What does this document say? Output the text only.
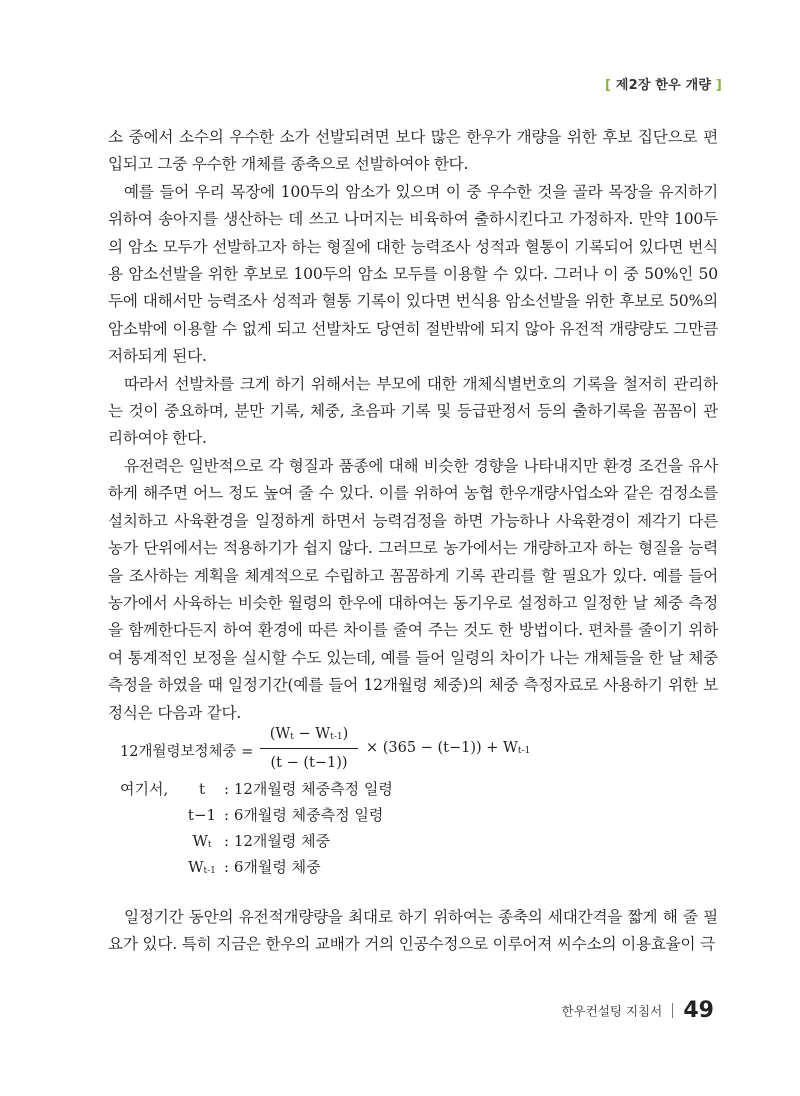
[ 제2장 한우 개량 ]

소 중에서 소수의 우수한 소가 선발되려면 보다 많은 한우가 개량을 위한 후보 집단으로 편입되고 그중 우수한 개체를 종축으로 선발하여야 한다.

예를 들어 우리 목장에 100두의 암소가 있으며 이 중 우수한 것을 골라 목장을 유지하기 위하여 송아지를 생산하는 데 쓰고 나머지는 비육하여 출하시킨다고 가정하자. 만약 100두의 암소 모두가 선발하고자 하는 형질에 대한 능력조사 성적과 혈통이 기록되어 있다면 번식용 암소선발을 위한 후보로 100두의 암소 모두를 이용할 수 있다. 그러나 이 중 50%인 50두에 대해서만 능력조사 성적과 혈통 기록이 있다면 번식용 암소선발을 위한 후보로 50%의 암소밖에 이용할 수 없게 되고 선발차도 당연히 절반밖에 되지 않아 유전적 개량량도 그만큼 저하되게 된다.

따라서 선발차를 크게 하기 위해서는 부모에 대한 개체식별번호의 기록을 철저히 관리하는 것이 중요하며, 분만 기록, 체중, 초음파 기록 및 등급판정서 등의 출하기록을 꼼꼼이 관리하여야 한다.

유전력은 일반적으로 각 형질과 품종에 대해 비슷한 경향을 나타내지만 환경 조건을 유사하게 해주면 어느 정도 높여 줄 수 있다. 이를 위하여 농협 한우개량사업소와 같은 검정소를 설치하고 사육환경을 일정하게 하면서 능력검정을 하면 가능하나 사육환경이 제각기 다른 농가 단위에서는 적용하기가 쉽지 않다. 그러므로 농가에서는 개량하고자 하는 형질을 능력을 조사하는 계획을 체계적으로 수립하고 꼼꼼하게 기록 관리를 할 필요가 있다. 예를 들어 농가에서 사육하는 비슷한 월령의 한우에 대하여는 동기우로 설정하고 일정한 날 체중 측정을 함께한다든지 하여 환경에 따른 차이를 줄여 주는 것도 한 방법이다. 편차를 줄이기 위하여 통계적인 보정을 실시할 수도 있는데, 예를 들어 일령의 차이가 나는 개체들을 한 날 체중 측정을 하였을 때 일정기간(예를 들어 12개월령 체중)의 체중 측정자료로 사용하기 위한 보정식은 다음과 같다.

12개월령보정체중 =
$(W_t - W_{t-1})$
(t − (t−1))
× $(365 - (t-1)) + W_{t-1}$
여기서,	t	: 12개월령 체중측정 일령
t−1 : 6개월령 체중측정 일령
$W_t$ : 12개월령 체중
$W_{t-1}$ : 6개월령 체중

일정기간 동안의 유전적개량량을 최대로 하기 위하여는 종축의 세대간격을 짧게 해 줄 필요가 있다. 특히 지금은 한우의 교배가 거의 인공수정으로 이루어져 씨수소의 이용효율이 극

한우컨설팅 지침서 49
